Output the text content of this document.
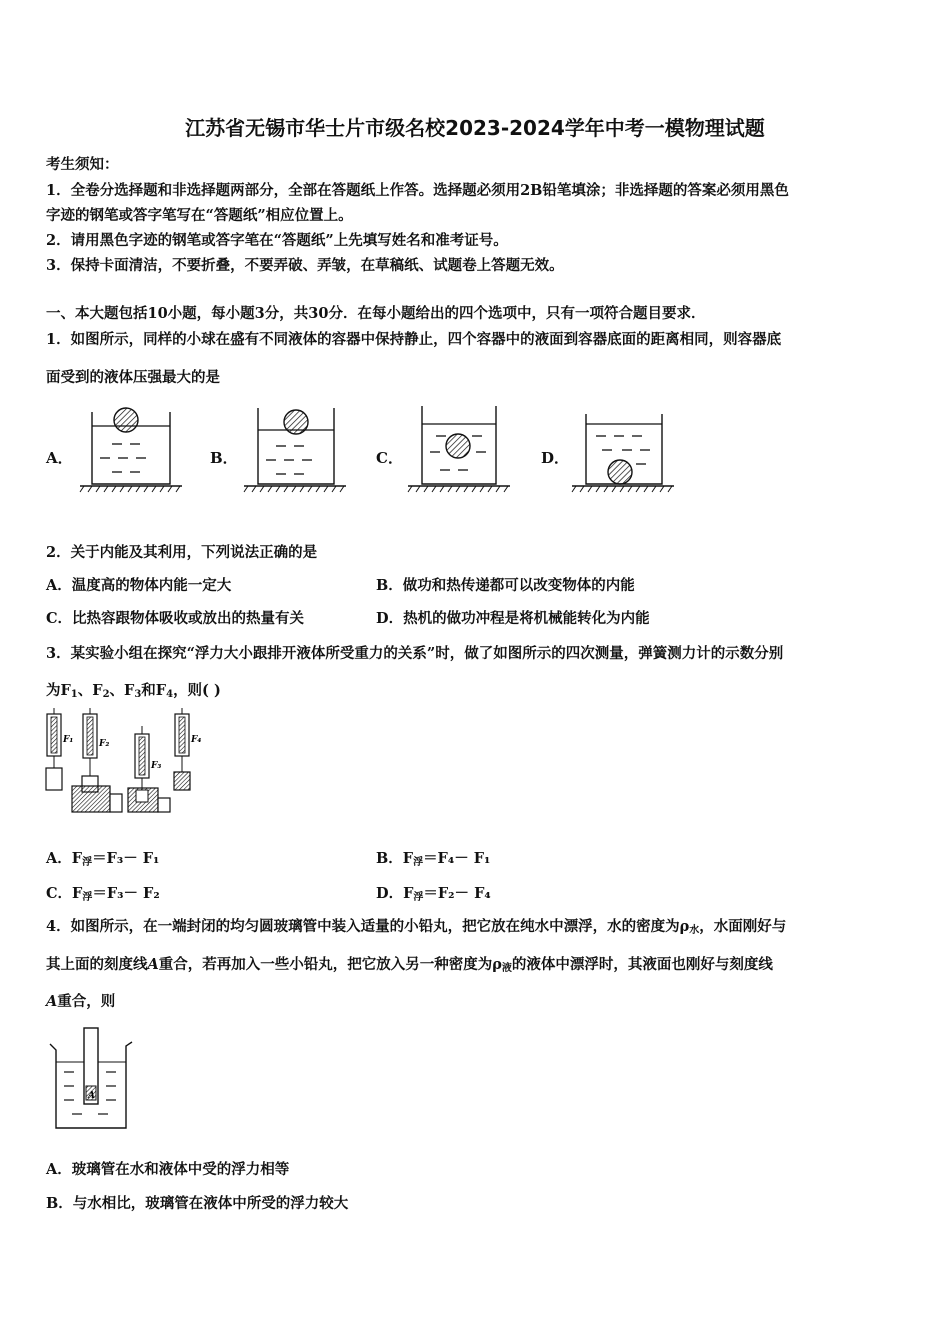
江苏省无锡市华士片市级名校2023-2024学年中考一模物理试题
考生须知：
1．全卷分选择题和非选择题两部分，全部在答题纸上作答。选择题必须用2B铅笔填涂；非选择题的答案必须用黑色
字迹的钢笔或答字笔写在“答题纸”相应位置上。
2．请用黑色字迹的钢笔或答字笔在“答题纸”上先填写姓名和准考证号。
3．保持卡面清洁，不要折叠，不要弄破、弄皱，在草稿纸、试题卷上答题无效。
一、本大题包括10小题，每小题3分，共30分．在每小题给出的四个选项中，只有一项符合题目要求．
1．如图所示，同样的小球在盛有不同液体的容器中保持静止，四个容器中的液面到容器底面的距离相同，则容器底
面受到的液体压强最大的是
A．	B．	C．	D．
2．关于内能及其利用，下列说法正确的是
A．温度高的物体内能一定大	B．做功和热传递都可以改变物体的内能
C．比热容跟物体吸收或放出的热量有关	D．热机的做功冲程是将机械能转化为内能
3．某实验小组在探究“浮力大小跟排开液体所受重力的关系”时，做了如图所示的四次测量，弹簧测力计的示数分别
为$F_1$、$F_2$、$F_3$和$F_4$，则( )
F₁	F₂
F₃
F₄
A．$F_浮=F_3- F_1$	B．$F_浮=F_4- F_1$
C．$F_浮=F_3- F_2$	D．$F_浮=F_2- F_4$
4．如图所示，在一端封闭的均匀圆玻璃管中装入适量的小铅丸，把它放在纯水中漂浮，水的密度为$\rho_水$，水面刚好与
其上面的刻度线A重合，若再加入一些小铅丸，把它放入另一种密度为$\rho_液$的液体中漂浮时，其液面也刚好与刻度线
A重合，则
A
A．玻璃管在水和液体中受的浮力相等
B．与水相比，玻璃管在液体中所受的浮力较大
